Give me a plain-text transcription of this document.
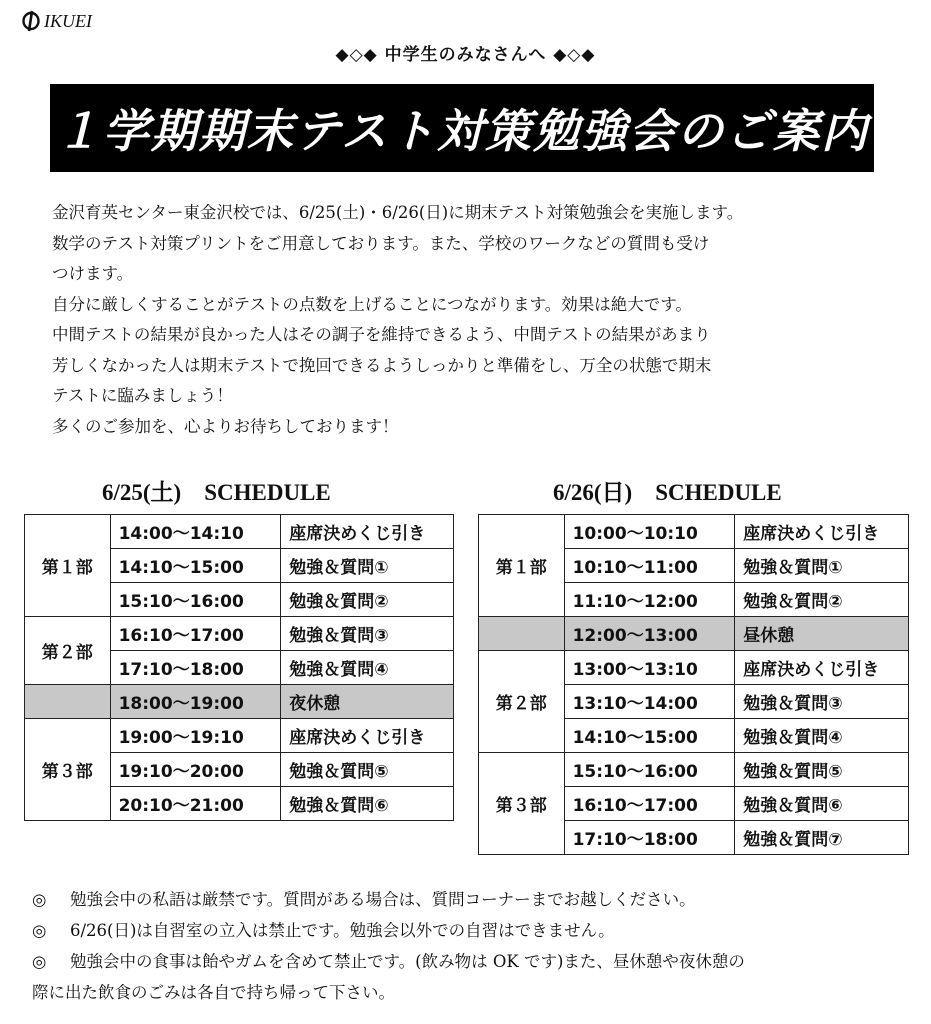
IKUEI
◆◇◆ 中学生のみなさんへ ◆◇◆
１学期期末テスト対策勉強会のご案内

金沢育英センター東金沢校では、6/25(土)・6/26(日)に期末テスト対策勉強会を実施します。

数学のテスト対策プリントをご用意しております。また、学校のワークなどの質問も受け

つけます。

自分に厳しくすることがテストの点数を上げることにつながります。効果は絶大です。

中間テストの結果が良かった人はその調子を維持できるよう、中間テストの結果があまり

芳しくなかった人は期末テストで挽回できるようしっかりと準備をし、万全の状態で期末

テストに臨みましょう！

多くのご参加を、心よりお待ちしております！

6/25(土)　SCHEDULE	6/26(日)　SCHEDULE
第１部	14:00～14:10	座席決めくじ引き
	14:10～15:00	勉強＆質問①
	15:10～16:00	勉強＆質問②
第２部	16:10～17:00	勉強＆質問③
	17:10～18:00	勉強＆質問④
	18:00～19:00	夜休憩
第３部	19:00～19:10	座席決めくじ引き
	19:10～20:00	勉強＆質問⑤
	20:10～21:00	勉強＆質問⑥
第１部	10:00～10:10	座席決めくじ引き
	10:10～11:00	勉強＆質問①
	11:10～12:00	勉強＆質問②
	12:00～13:00	昼休憩
第２部	13:00～13:10	座席決めくじ引き
	13:10～14:00	勉強＆質問③
	14:10～15:00	勉強＆質問④
第３部	15:10～16:00	勉強＆質問⑤
	16:10～17:00	勉強＆質問⑥
	17:10～18:00	勉強＆質問⑦
◎	勉強会中の私語は厳禁です。質問がある場合は、質問コーナーまでお越しください。
◎	6/26(日)は自習室の立入は禁止です。勉強会以外での自習はできません。
◎	勉強会中の食事は飴やガムを含めて禁止です。(飲み物は OK です)また、昼休憩や夜休憩の
際に出た飲食のごみは各自で持ち帰って下さい。
